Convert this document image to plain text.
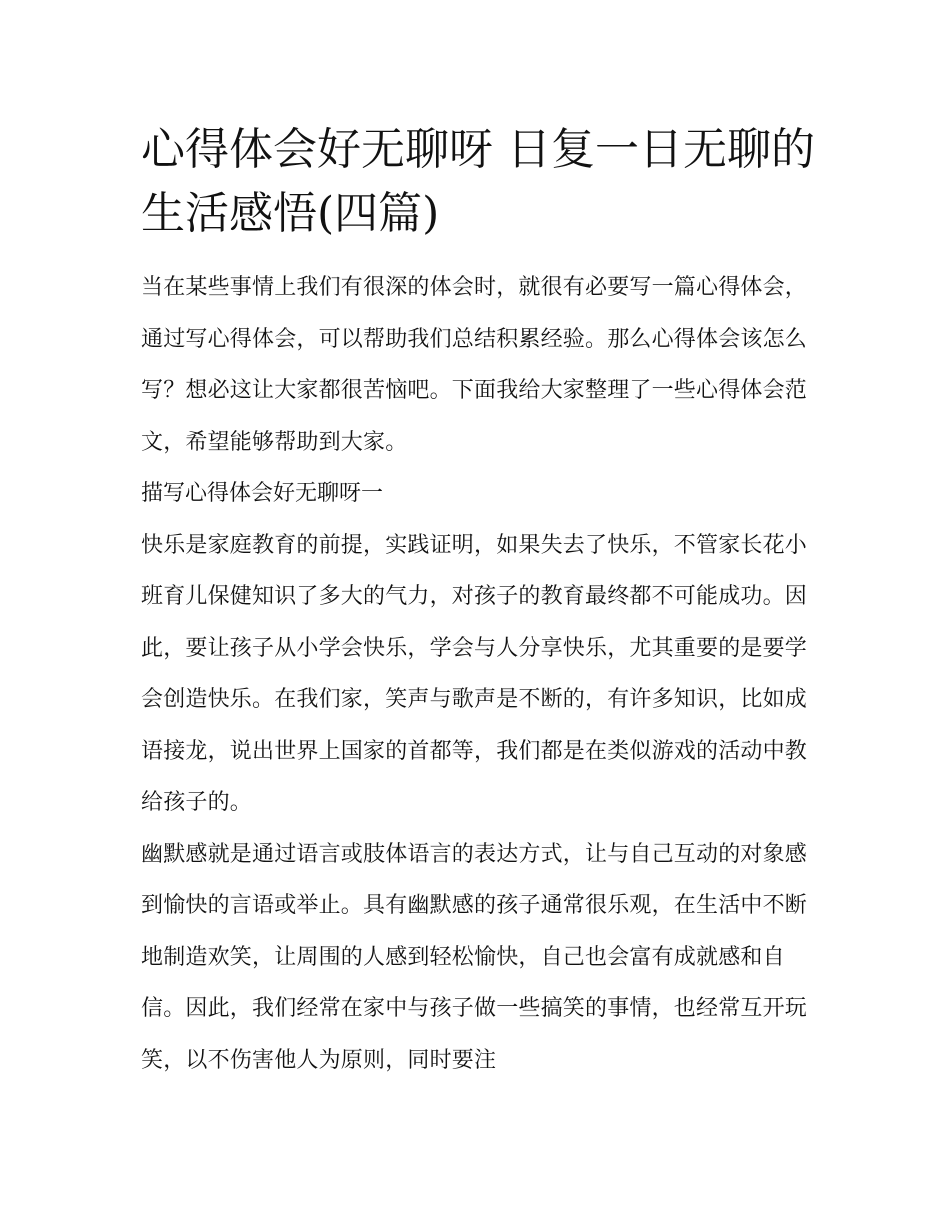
心得体会好无聊呀 日复一日无聊的生活感悟(四篇)

当在某些事情上我们有很深的体会时，就很有必要写一篇心得体会，通过写心得体会，可以帮助我们总结积累经验。那么心得体会该怎么写？想必这让大家都很苦恼吧。下面我给大家整理了一些心得体会范文，希望能够帮助到大家。

描写心得体会好无聊呀一

快乐是家庭教育的前提，实践证明，如果失去了快乐，不管家长花小班育儿保健知识了多大的气力，对孩子的教育最终都不可能成功。因此，要让孩子从小学会快乐，学会与人分享快乐，尤其重要的是要学会创造快乐。在我们家，笑声与歌声是不断的，有许多知识，比如成语接龙，说出世界上国家的首都等，我们都是在类似游戏的活动中教给孩子的。

幽默感就是通过语言或肢体语言的表达方式，让与自己互动的对象感到愉快的言语或举止。具有幽默感的孩子通常很乐观，在生活中不断地制造欢笑，让周围的人感到轻松愉快，自己也会富有成就感和自信。因此，我们经常在家中与孩子做一些搞笑的事情，也经常互开玩笑，以不伤害他人为原则，同时要注
